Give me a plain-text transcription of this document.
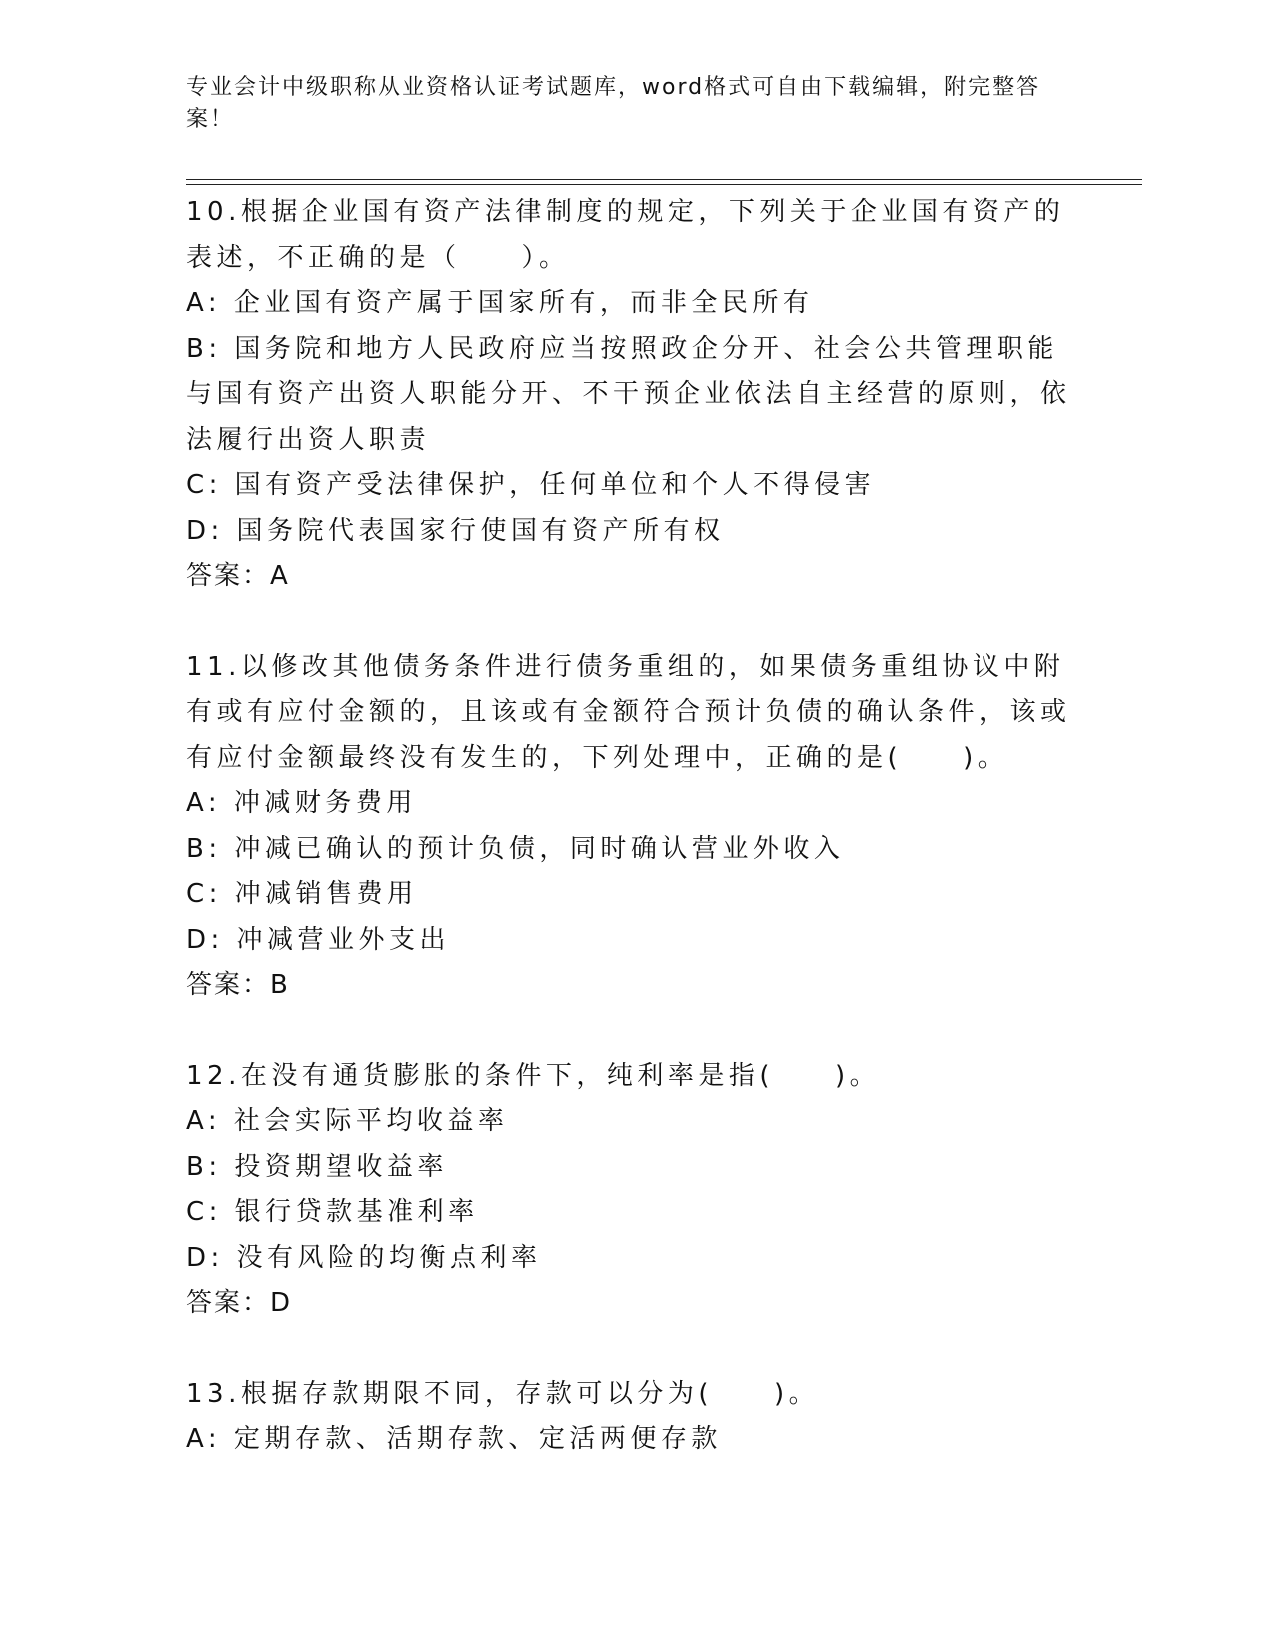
专业会计中级职称从业资格认证考试题库，word格式可自由下载编辑，附完整答案！

10.根据企业国有资产法律制度的规定，下列关于企业国有资产的表述，不正确的是（　　）。

A: 企业国有资产属于国家所有，而非全民所有

B: 国务院和地方人民政府应当按照政企分开、社会公共管理职能与国有资产出资人职能分开、不干预企业依法自主经营的原则，依法履行出资人职责

C: 国有资产受法律保护，任何单位和个人不得侵害

D: 国务院代表国家行使国有资产所有权

答案：A

11.以修改其他债务条件进行债务重组的，如果债务重组协议中附有或有应付金额的，且该或有金额符合预计负债的确认条件，该或有应付金额最终没有发生的，下列处理中，正确的是(　　)。

A: 冲减财务费用

B: 冲减已确认的预计负债，同时确认营业外收入

C: 冲减销售费用

D: 冲减营业外支出

答案：B

12.在没有通货膨胀的条件下，纯利率是指(　　)。

A: 社会实际平均收益率

B: 投资期望收益率

C: 银行贷款基准利率

D: 没有风险的均衡点利率

答案：D

13.根据存款期限不同，存款可以分为(　　)。

A: 定期存款、活期存款、定活两便存款
